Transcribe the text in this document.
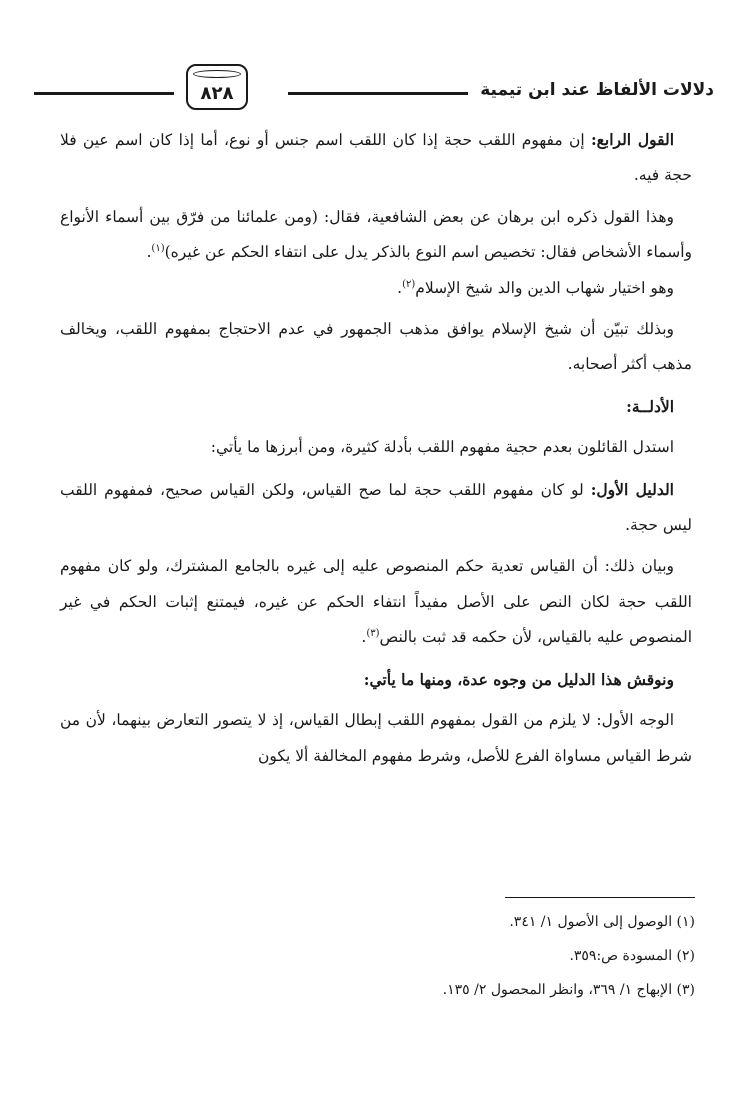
دلالات الألفاظ عند ابن تيمية
٨٢٨

القول الرابع: إن مفهوم اللقب حجة إذا كان اللقب اسم جنس أو نوع، أما إذا كان اسم عين فلا حجة فيه.

وهذا القول ذكره ابن برهان عن بعض الشافعية، فقال: (ومن علمائنا من فرّق بين أسماء الأنواع وأسماء الأشخاص فقال: تخصيص اسم النوع بالذكر يدل على انتفاء الحكم عن غيره)$^{(١)}$.

وهو اختيار شهاب الدين والد شيخ الإسلام$^{(٢)}$.

وبذلك تبيّن أن شيخ الإسلام يوافق مذهب الجمهور في عدم الاحتجاج بمفهوم اللقب، ويخالف مذهب أكثر أصحابه.

الأدلــة:

استدل القائلون بعدم حجية مفهوم اللقب بأدلة كثيرة، ومن أبرزها ما يأتي:

الدليل الأول: لو كان مفهوم اللقب حجة لما صح القياس، ولكن القياس صحيح، فمفهوم اللقب ليس حجة.

وبيان ذلك: أن القياس تعدية حكم المنصوص عليه إلى غيره بالجامع المشترك، ولو كان مفهوم اللقب حجة لكان النص على الأصل مفيداً انتفاء الحكم عن غيره، فيمتنع إثبات الحكم في غير المنصوص عليه بالقياس، لأن حكمه قد ثبت بالنص$^{(٣)}$.

ونوقش هذا الدليل من وجوه عدة، ومنها ما يأتي:

الوجه الأول: لا يلزم من القول بمفهوم اللقب إبطال القياس، إذ لا يتصور التعارض بينهما، لأن من شرط القياس مساواة الفرع للأصل، وشرط مفهوم المخالفة ألا يكون

(١) الوصول إلى الأصول ١/ ٣٤١.
(٢) المسودة ص:٣٥٩.
(٣) الإبهاج ١/ ٣٦٩، وانظر المحصول ٢/ ١٣٥.
